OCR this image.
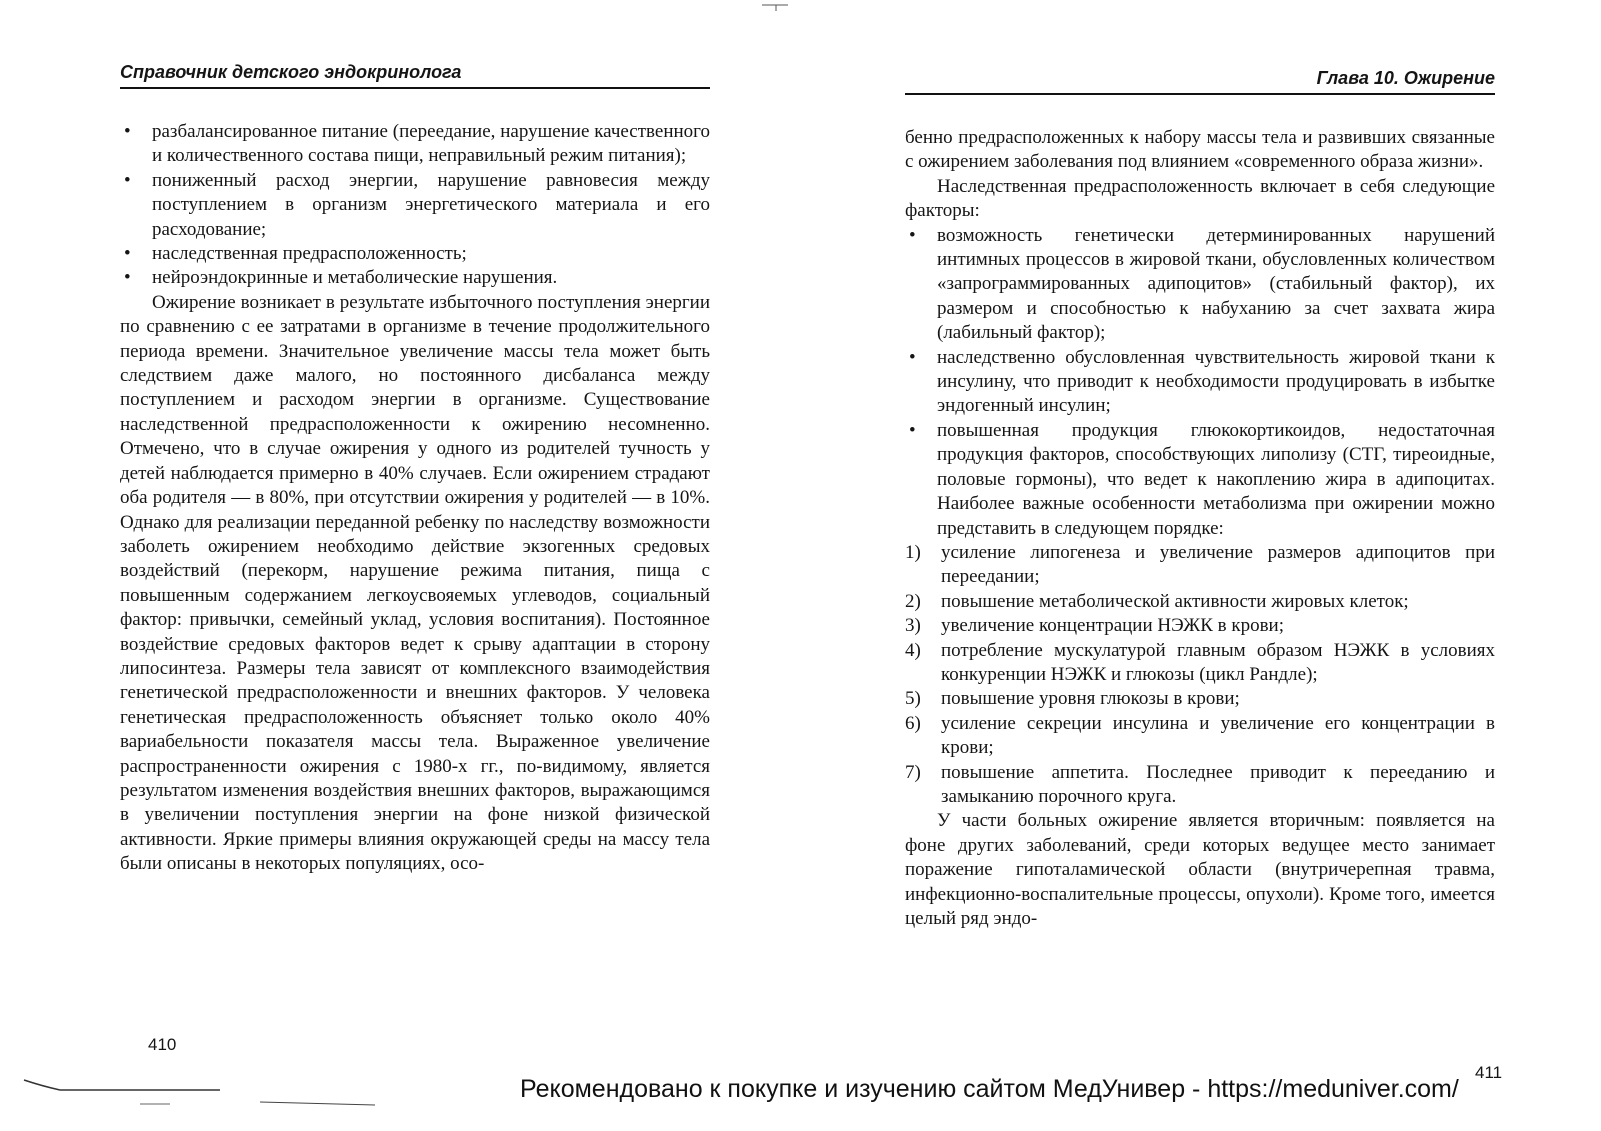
Справочник детского эндокринолога
• разбалансированное питание (переедание, нарушение качественного и количественного состава пищи, неправильный режим питания);
• пониженный расход энергии, нарушение равновесия между поступлением в организм энергетического материала и его расходование;
• наследственная предрасположенность;
• нейроэндокринные и метаболические нарушения.

Ожирение возникает в результате избыточного поступления энергии по сравнению с ее затратами в организме в течение продолжительного периода времени. Значительное увеличение массы тела может быть следствием даже малого, но постоянного дисбаланса между поступлением и расходом энергии в организме. Существование наследственной предрасположенности к ожирению несомненно. Отмечено, что в случае ожирения у одного из родителей тучность у детей наблюдается примерно в 40% случаев. Если ожирением страдают оба родителя — в 80%, при отсутствии ожирения у родителей — в 10%. Однако для реализации переданной ребенку по наследству возможности заболеть ожирением необходимо действие экзогенных средовых воздействий (перекорм, нарушение режима питания, пища с повышенным содержанием легкоусвояемых углеводов, социальный фактор: привычки, семейный уклад, условия воспитания). Постоянное воздействие средовых факторов ведет к срыву адаптации в сторону липосинтеза. Размеры тела зависят от комплексного взаимодействия генетической предрасположенности и внешних факторов. У человека генетическая предрасположенность объясняет только около 40% вариабельности показателя массы тела. Выраженное увеличение распространенности ожирения с 1980-х гг., по-видимому, является результатом изменения воздействия внешних факторов, выражающимся в увеличении поступления энергии на фоне низкой физической активности. Яркие примеры влияния окружающей среды на массу тела были описаны в некоторых популяциях, осо-

410
Глава 10. Ожирение

бенно предрасположенных к набору массы тела и развивших связанные с ожирением заболевания под влиянием «современного образа жизни».

Наследственная предрасположенность включает в себя следующие факторы:

• возможность генетически детерминированных нарушений интимных процессов в жировой ткани, обусловленных количеством «запрограммированных адипоцитов» (стабильный фактор), их размером и способностью к набуханию за счет захвата жира (лабильный фактор);
• наследственно обусловленная чувствительность жировой ткани к инсулину, что приводит к необходимости продуцировать в избытке эндогенный инсулин;
• повышенная продукция глюкокортикоидов, недостаточная продукция факторов, способствующих липолизу (СТГ, тиреоидные, половые гормоны), что ведет к накоплению жира в адипоцитах. Наиболее важные особенности метаболизма при ожирении можно представить в следующем порядке:
1) усиление липогенеза и увеличение размеров адипоцитов при переедании;
2) повышение метаболической активности жировых клеток;
3) увеличение концентрации НЭЖК в крови;
4) потребление мускулатурой главным образом НЭЖК в условиях конкуренции НЭЖК и глюкозы (цикл Рандле);
5) повышение уровня глюкозы в крови;
6) усиление секреции инсулина и увеличение его концентрации в крови;
7) повышение аппетита. Последнее приводит к перееданию и замыканию порочного круга.

У части больных ожирение является вторичным: появляется на фоне других заболеваний, среди которых ведущее место занимает поражение гипоталамической области (внутричерепная травма, инфекционно-воспалительные процессы, опухоли). Кроме того, имеется целый ряд эндо-

411
Рекомендовано к покупке и изучению сайтом МедУнивер - https://meduniver.com/
